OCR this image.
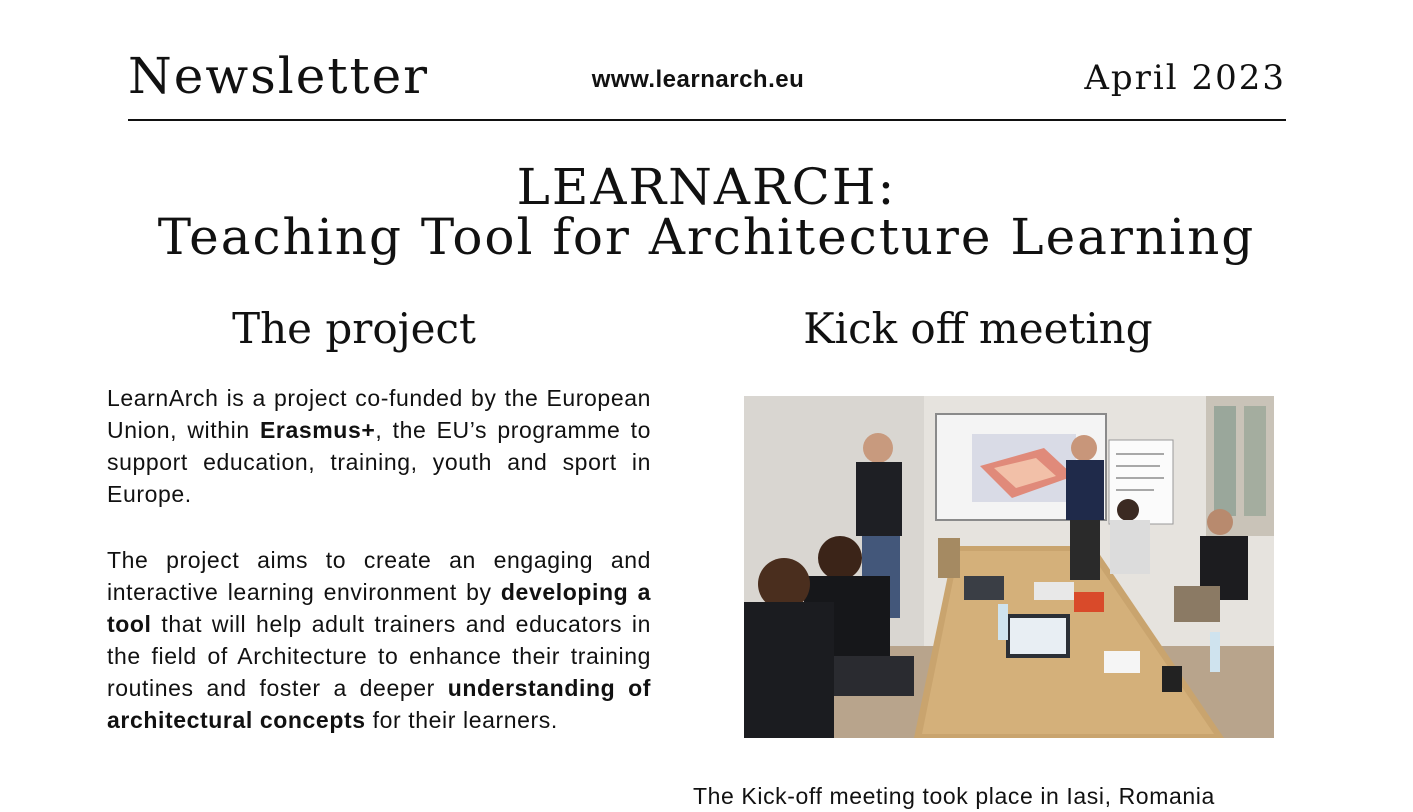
Newsletter	www.learnarch.eu	April 2023
LEARNARCH:
Teaching Tool for Architecture Learning
The project	Kick off meeting

LearnArch is a project co-funded by the European Union, within Erasmus+, the EU’s programme to support education, training, youth and sport in Europe.

The project aims to create an engaging and interactive learning environment by developing a tool that will help adult trainers and educators in the field of Architecture to enhance their training routines and foster a deeper understanding of architectural concepts for their learners.

The Kick-off meeting took place in Iasi, Romania
